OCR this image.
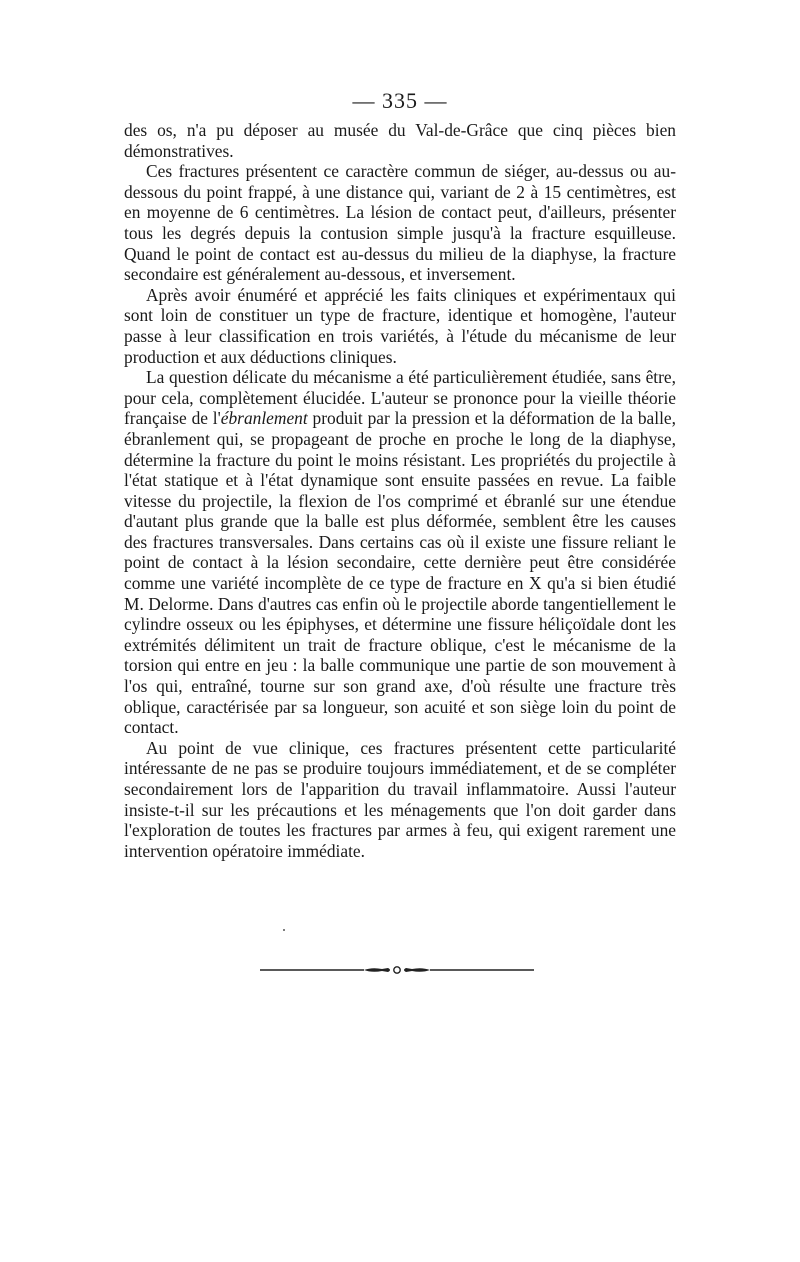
— 335 —

des os, n'a pu déposer au musée du Val-de-Grâce que cinq pièces bien démonstratives.

Ces fractures présentent ce caractère commun de siéger, au-dessus ou au-dessous du point frappé, à une distance qui, variant de 2 à 15 centimètres, est en moyenne de 6 centimètres. La lésion de contact peut, d'ailleurs, présenter tous les degrés depuis la contusion simple jusqu'à la fracture esquilleuse. Quand le point de contact est au-dessus du milieu de la diaphyse, la fracture secondaire est généralement au-dessous, et inversement.

Après avoir énuméré et apprécié les faits cliniques et expérimentaux qui sont loin de constituer un type de fracture, identique et homogène, l'auteur passe à leur classification en trois variétés, à l'étude du mécanisme de leur production et aux déductions cliniques.

La question délicate du mécanisme a été particulièrement étudiée, sans être, pour cela, complètement élucidée. L'auteur se prononce pour la vieille théorie française de l'ébranlement produit par la pression et la déformation de la balle, ébranlement qui, se propageant de proche en proche le long de la diaphyse, détermine la fracture du point le moins résistant. Les propriétés du projectile à l'état statique et à l'état dynamique sont ensuite passées en revue. La faible vitesse du projectile, la flexion de l'os comprimé et ébranlé sur une étendue d'autant plus grande que la balle est plus déformée, semblent être les causes des fractures transversales. Dans certains cas où il existe une fissure reliant le point de contact à la lésion secondaire, cette dernière peut être considérée comme une variété incomplète de ce type de fracture en X qu'a si bien étudié M. Delorme. Dans d'autres cas enfin où le projectile aborde tangentiellement le cylindre osseux ou les épiphyses, et détermine une fissure héliçoïdale dont les extrémités délimitent un trait de fracture oblique, c'est le mécanisme de la torsion qui entre en jeu : la balle communique une partie de son mouvement à l'os qui, entraîné, tourne sur son grand axe, d'où résulte une fracture très oblique, caractérisée par sa longueur, son acuité et son siège loin du point de contact.

Au point de vue clinique, ces fractures présentent cette particularité intéressante de ne pas se produire toujours immédiatement, et de se compléter secondairement lors de l'apparition du travail inflammatoire. Aussi l'auteur insiste-t-il sur les précautions et les ménagements que l'on doit garder dans l'exploration de toutes les fractures par armes à feu, qui exigent rarement une intervention opératoire immédiate.
